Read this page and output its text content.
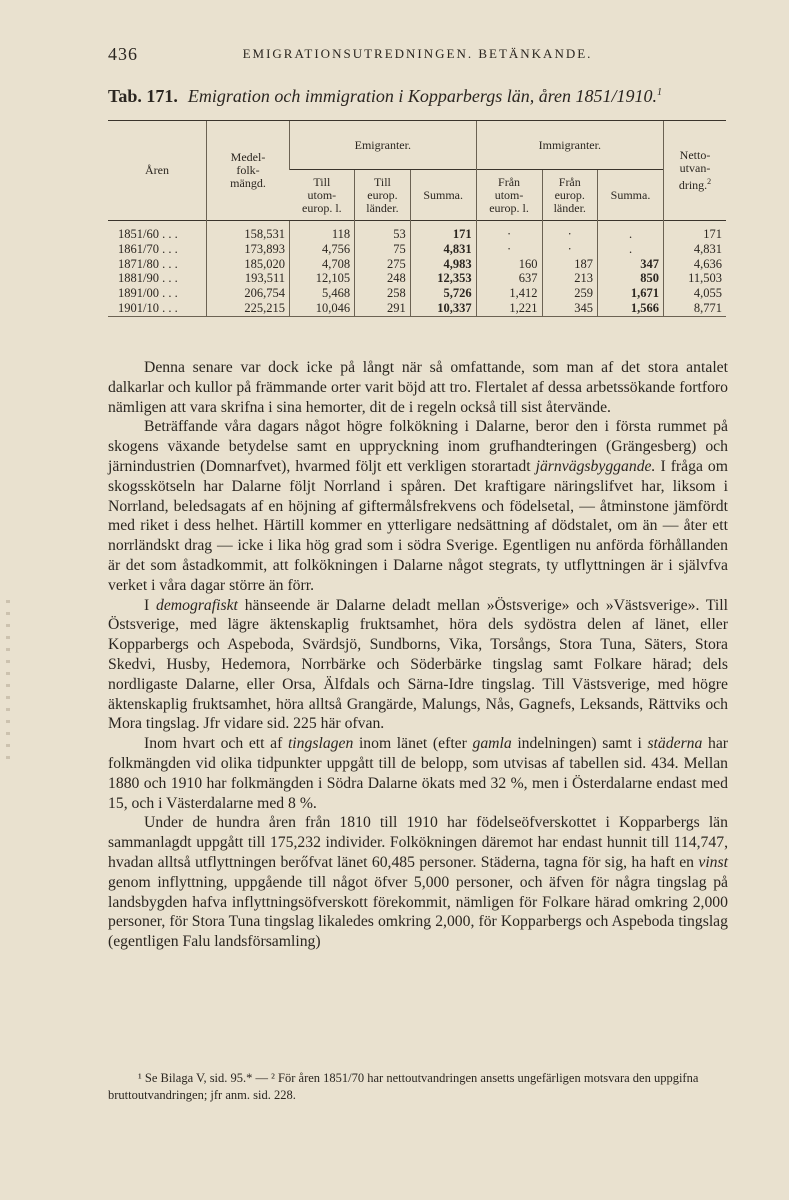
436	EMIGRATIONSUTREDNINGEN. BETÄNKANDE.
Tab. 171. Emigration och immigration i Kopparbergs län, åren 1851/1910.$^1$
Åren	Medel-
folk-
mängd.	Emigranter.			Immigranter.			Netto-
utvan-
dring.$^2$
		Till
utom-
europ. l.	Till
europ.
länder.	Summa.	Från
utom-
europ. l.	Från
europ.
länder.	Summa.	
1851/60 . . .	158,531	118	53	171	·	·	.	171
1861/70 . . .	173,893	4,756	75	4,831	·	·	.	4,831
1871/80 . . .	185,020	4,708	275	4,983	160	187	347	4,636
1881/90 . . .	193,511	12,105	248	12,353	637	213	850	11,503
1891/00 . . .	206,754	5,468	258	5,726	1,412	259	1,671	4,055
1901/10 . . .	225,215	10,046	291	10,337	1,221	345	1,566	8,771

Denna senare var dock icke på långt när så omfattande, som man af det stora antalet dalkarlar och kullor på främmande orter varit böjd att tro. Flertalet af dessa arbetssökande fortforo nämligen att vara skrifna i sina hemorter, dit de i regeln också till sist återvände.

Beträffande våra dagars något högre folkökning i Dalarne, beror den i första rummet på skogens växande betydelse samt en uppryckning inom grufhandteringen (Grängesberg) och järnindustrien (Domnarfvet), hvarmed följt ett verkligen storartadt järnvägsbyggande. I fråga om skogsskötseln har Dalarne följt Norrland i spåren. Det kraftigare näringslifvet har, liksom i Norrland, beledsagats af en höjning af giftermålsfrekvens och födelsetal, — åtminstone jämfördt med riket i dess helhet. Härtill kommer en ytterligare nedsättning af dödstalet, om än — åter ett norrländskt drag — icke i lika hög grad som i södra Sverige. Egentligen nu anförda förhållanden är det som åstadkommit, att folkökningen i Dalarne något stegrats, ty utflyttningen är i självfva verket i våra dagar större än förr.

I demografiskt hänseende är Dalarne deladt mellan »Östsverige» och »Västsverige». Till Östsverige, med lägre äktenskaplig fruktsamhet, höra dels sydöstra delen af länet, eller Kopparbergs och Aspeboda, Svärdsjö, Sundborns, Vika, Torsångs, Stora Tuna, Säters, Stora Skedvi, Husby, Hedemora, Norrbärke och Söderbärke tingslag samt Folkare härad; dels nordligaste Dalarne, eller Orsa, Älfdals och Särna-Idre tingslag. Till Västsverige, med högre äktenskaplig fruktsamhet, höra alltså Grangärde, Malungs, Nås, Gagnefs, Leksands, Rättviks och Mora tingslag. Jfr vidare sid. 225 här ofvan.

Inom hvart och ett af tingslagen inom länet (efter gamla indelningen) samt i städerna har folkmängden vid olika tidpunkter uppgått till de belopp, som utvisas af tabellen sid. 434. Mellan 1880 och 1910 har folkmängden i Södra Dalarne ökats med 32 %, men i Österdalarne endast med 15, och i Västerdalarne med 8 %.

Under de hundra åren från 1810 till 1910 har födelseöfverskottet i Kopparbergs län sammanlagdt uppgått till 175,232 individer. Folkökningen däremot har endast hunnit till 114,747, hvadan alltså utflyttningen berőfvat länet 60,485 personer. Städerna, tagna för sig, ha haft en vinst genom inflyttning, uppgående till något öfver 5,000 personer, och äfven för några tingslag på landsbygden hafva inflyttningsöfverskott förekommit, nämligen för Folkare härad omkring 2,000 personer, för Stora Tuna tingslag likaledes omkring 2,000, för Kopparbergs och Aspeboda tingslag (egentligen Falu landsförsamling)

¹ Se Bilaga V, sid. 95.* — ² För åren 1851/70 har nettoutvandringen ansetts ungefärligen motsvara den uppgifna bruttoutvandringen; jfr anm. sid. 228.
